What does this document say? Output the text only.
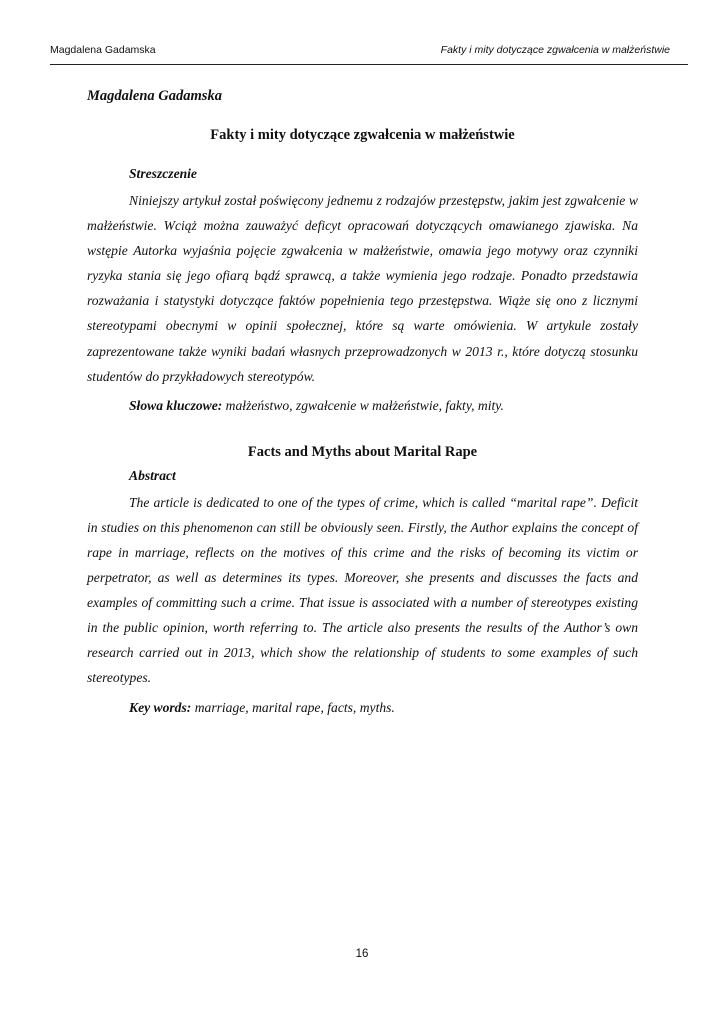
Magdalena Gadamska	Fakty i mity dotyczące zgwałcenia w małżeństwie
Magdalena Gadamska
Fakty i mity dotyczące zgwałcenia w małżeństwie
Streszczenie

Niniejszy artykuł został poświęcony jednemu z rodzajów przestępstw, jakim jest zgwałcenie w małżeństwie. Wciąż można zauważyć deficyt opracowań dotyczących omawianego zjawiska. Na wstępie Autorka wyjaśnia pojęcie zgwałcenia w małżeństwie, omawia jego motywy oraz czynniki ryzyka stania się jego ofiarą bądź sprawcą, a także wymienia jego rodzaje. Ponadto przedstawia rozważania i statystyki dotyczące faktów popełnienia tego przestępstwa. Wiąże się ono z licznymi stereotypami obecnymi w opinii społecznej, które są warte omówienia. W artykule zostały zaprezentowane także wyniki badań własnych przeprowadzonych w 2013 r., które dotyczą stosunku studentów do przykładowych stereotypów.

Słowa kluczowe: małżeństwo, zgwałcenie w małżeństwie, fakty, mity.
Facts and Myths about Marital Rape
Abstract

The article is dedicated to one of the types of crime, which is called “marital rape”. Deficit in studies on this phenomenon can still be obviously seen. Firstly, the Author explains the concept of rape in marriage, reflects on the motives of this crime and the risks of becoming its victim or perpetrator, as well as determines its types. Moreover, she presents and discusses the facts and examples of committing such a crime. That issue is associated with a number of stereotypes existing in the public opinion, worth referring to. The article also presents the results of the Author’s own research carried out in 2013, which show the relationship of students to some examples of such stereotypes.

Key words: marriage, marital rape, facts, myths.
16
